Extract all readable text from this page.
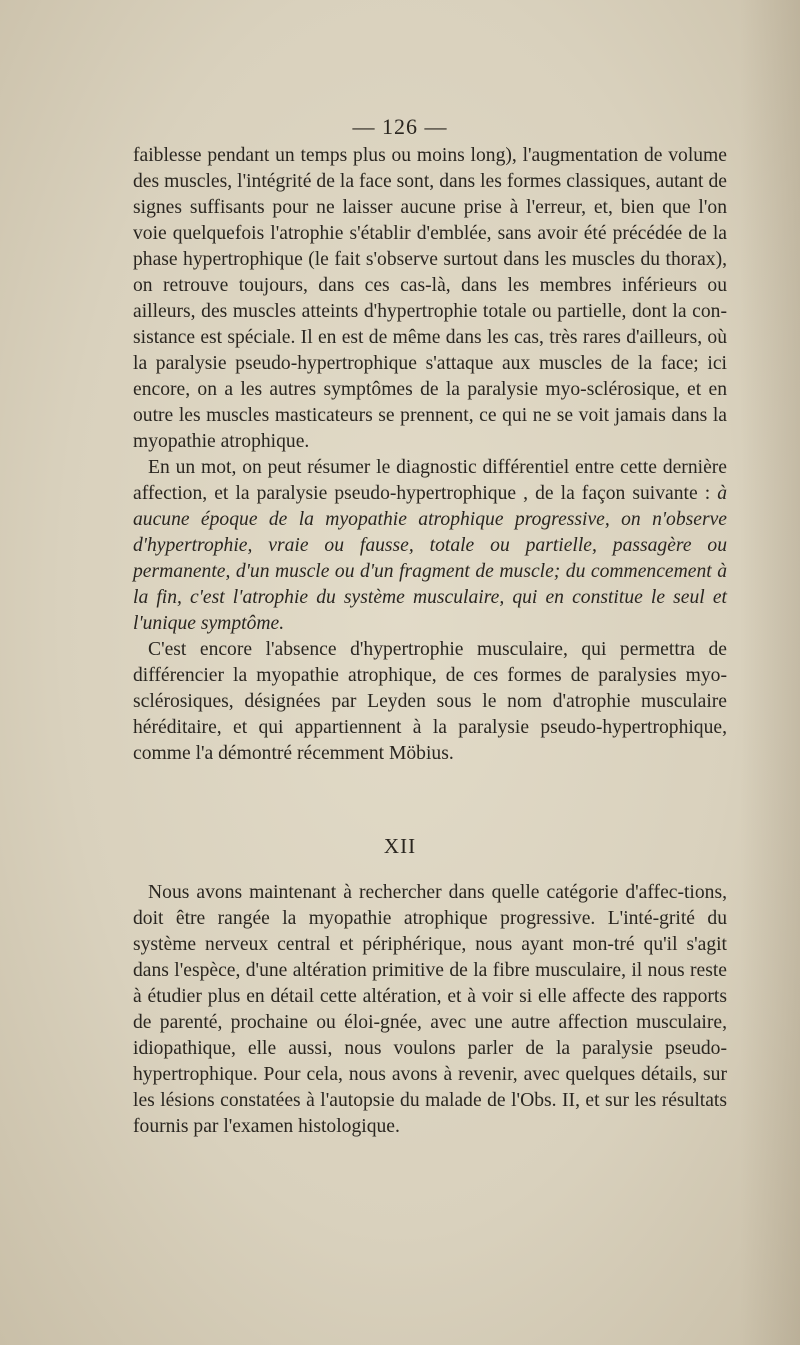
— 126 —

faiblesse pendant un temps plus ou moins long), l'augmentation de volume des muscles, l'intégrité de la face sont, dans les formes classiques, autant de signes suffisants pour ne laisser aucune prise à l'erreur, et, bien que l'on voie quelquefois l'atrophie s'établir d'emblée, sans avoir été précédée de la phase hypertrophique (le fait s'observe surtout dans les muscles du thorax), on retrouve toujours, dans ces cas-là, dans les membres inférieurs ou ailleurs, des muscles atteints d'hypertrophie totale ou partielle, dont la con-sistance est spéciale. Il en est de même dans les cas, très rares d'ailleurs, où la paralysie pseudo-hypertrophique s'attaque aux muscles de la face; ici encore, on a les autres symptômes de la paralysie myo-sclérosique, et en outre les muscles masticateurs se prennent, ce qui ne se voit jamais dans la myopathie atrophique.

En un mot, on peut résumer le diagnostic différentiel entre cette dernière affection, et la paralysie pseudo-hypertrophique , de la façon suivante : à aucune époque de la myopathie atrophique progressive, on n'observe d'hypertrophie, vraie ou fausse, totale ou partielle, passagère ou permanente, d'un muscle ou d'un fragment de muscle; du commencement à la fin, c'est l'atrophie du système musculaire, qui en constitue le seul et l'unique symptôme.

C'est encore l'absence d'hypertrophie musculaire, qui permettra de différencier la myopathie atrophique, de ces formes de paralysies myo-sclérosiques, désignées par Leyden sous le nom d'atrophie musculaire héréditaire, et qui appartiennent à la paralysie pseudo-hypertrophique, comme l'a démontré récemment Möbius.

XII

Nous avons maintenant à rechercher dans quelle catégorie d'affec-tions, doit être rangée la myopathie atrophique progressive. L'inté-grité du système nerveux central et périphérique, nous ayant mon-tré qu'il s'agit dans l'espèce, d'une altération primitive de la fibre musculaire, il nous reste à étudier plus en détail cette altération, et à voir si elle affecte des rapports de parenté, prochaine ou éloi-gnée, avec une autre affection musculaire, idiopathique, elle aussi, nous voulons parler de la paralysie pseudo-hypertrophique. Pour cela, nous avons à revenir, avec quelques détails, sur les lésions constatées à l'autopsie du malade de l'Obs. II, et sur les résultats fournis par l'examen histologique.
